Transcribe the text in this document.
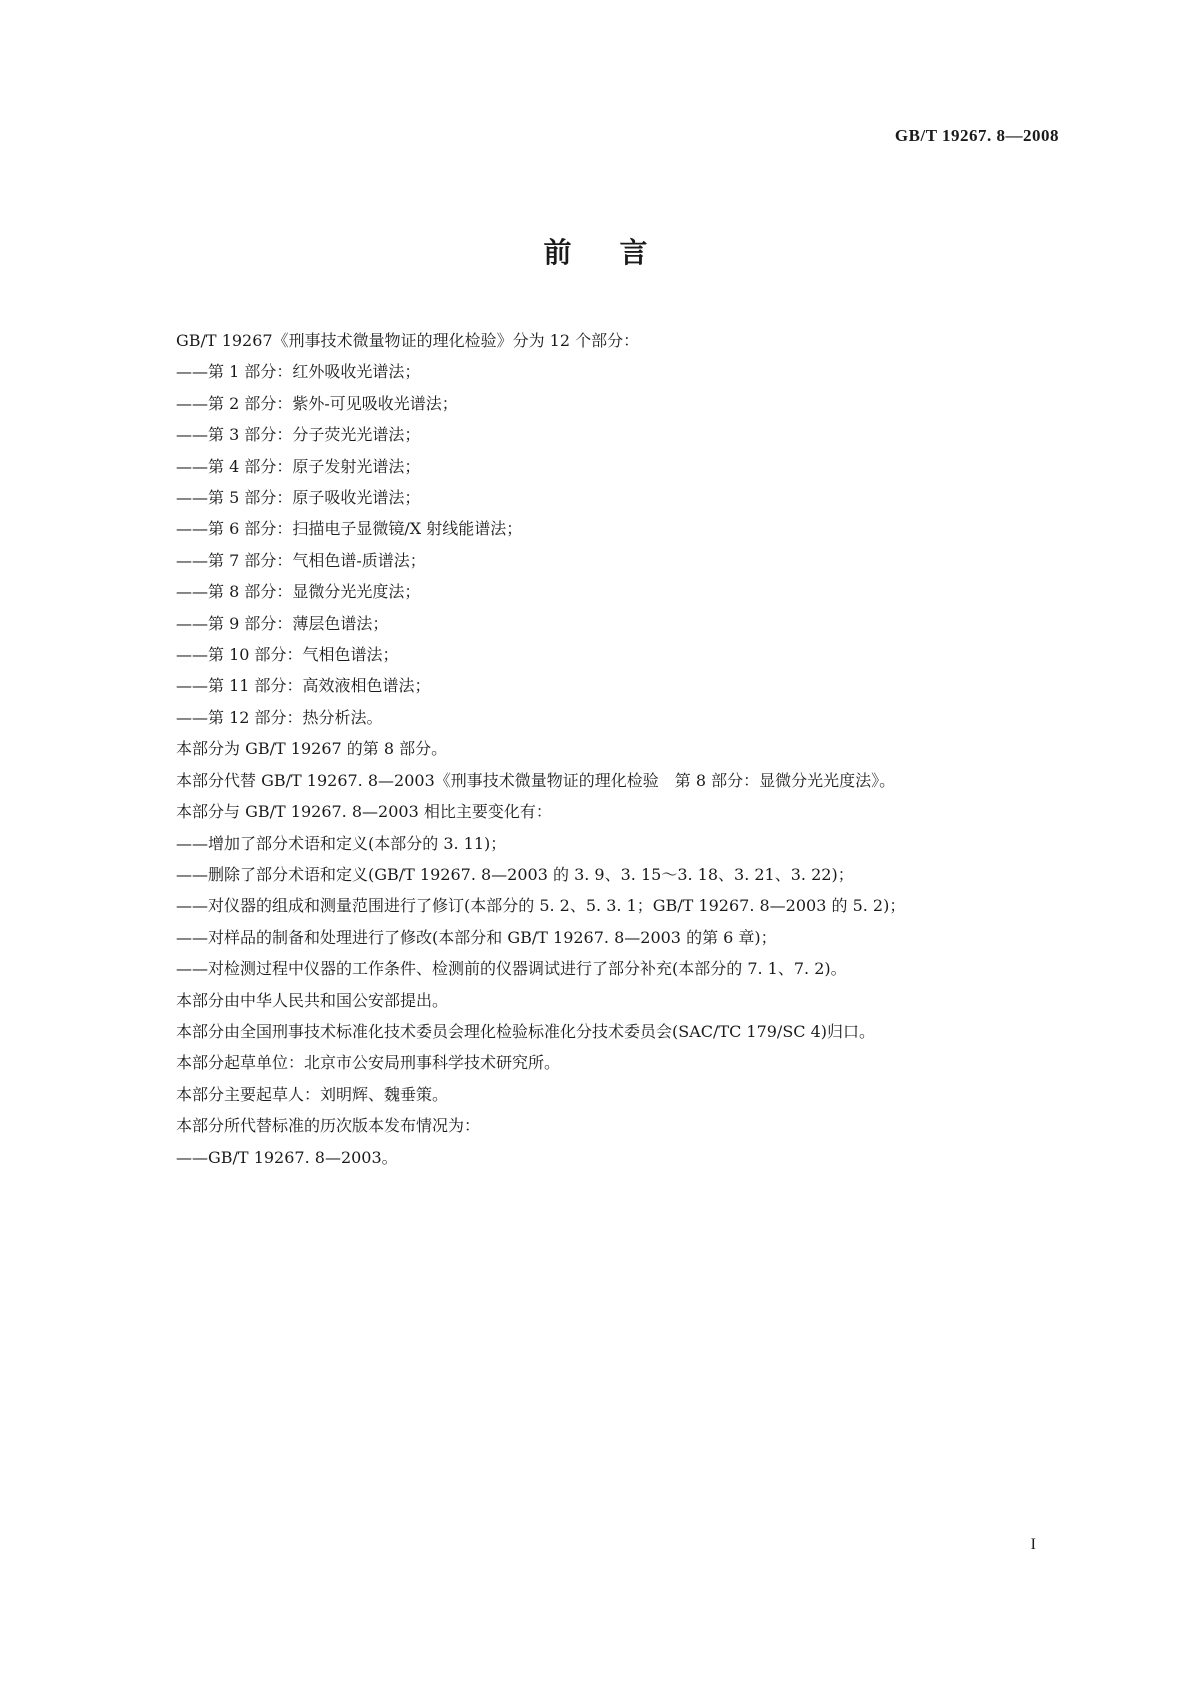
GB/T 19267. 8—2008
前言

GB/T 19267《刑事技术微量物证的理化检验》分为 12 个部分：

——第 1 部分：红外吸收光谱法；

——第 2 部分：紫外-可见吸收光谱法；

——第 3 部分：分子荧光光谱法；

——第 4 部分：原子发射光谱法；

——第 5 部分：原子吸收光谱法；

——第 6 部分：扫描电子显微镜/X 射线能谱法；

——第 7 部分：气相色谱-质谱法；

——第 8 部分：显微分光光度法；

——第 9 部分：薄层色谱法；

——第 10 部分：气相色谱法；

——第 11 部分：高效液相色谱法；

——第 12 部分：热分析法。

本部分为 GB/T 19267 的第 8 部分。

本部分代替 GB/T 19267. 8—2003《刑事技术微量物证的理化检验　第 8 部分：显微分光光度法》。

本部分与 GB/T 19267. 8—2003 相比主要变化有：

——增加了部分术语和定义(本部分的 3. 11)；

——删除了部分术语和定义(GB/T 19267. 8—2003 的 3. 9、3. 15～3. 18、3. 21、3. 22)；

——对仪器的组成和测量范围进行了修订(本部分的 5. 2、5. 3. 1；GB/T 19267. 8—2003 的 5. 2)；

——对样品的制备和处理进行了修改(本部分和 GB/T 19267. 8—2003 的第 6 章)；

——对检测过程中仪器的工作条件、检测前的仪器调试进行了部分补充(本部分的 7. 1、7. 2)。

本部分由中华人民共和国公安部提出。

本部分由全国刑事技术标准化技术委员会理化检验标准化分技术委员会(SAC/TC 179/SC 4)归口。

本部分起草单位：北京市公安局刑事科学技术研究所。

本部分主要起草人：刘明辉、魏垂策。

本部分所代替标准的历次版本发布情况为：

——GB/T 19267. 8—2003。

I
